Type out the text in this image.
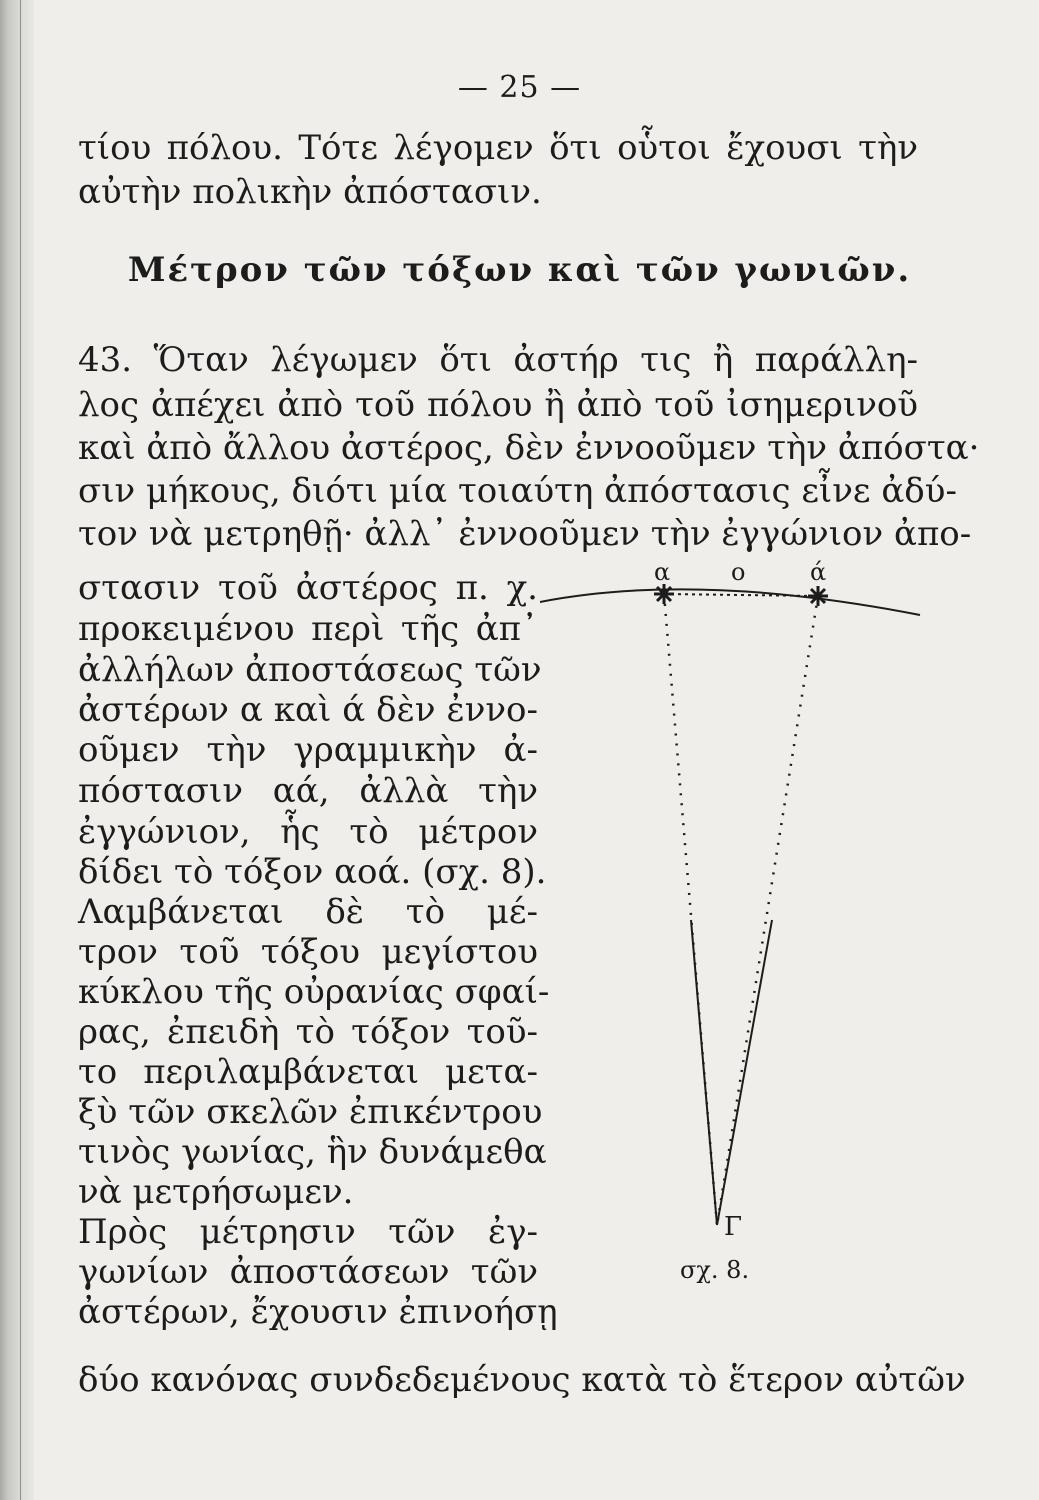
— 25 —

τίου πόλου. Τότε λέγομεν ὅτι οὗτοι ἔχουσι τὴν

αὐτὴν πολικὴν ἀπόστασιν.

Μέτρον τῶν τόξων καὶ τῶν γωνιῶν.

43. Ὅταν λέγωμεν ὅτι ἀστήρ τις ἢ παράλλη-

λος ἀπέχει ἀπὸ τοῦ πόλου ἢ ἀπὸ τοῦ ἰσημερινοῦ

καὶ ἀπὸ ἄλλου ἀστέρος, δὲν ἐννοοῦμεν τὴν ἀπόστα·

σιν μήκους, διότι μία τοιαύτη ἀπόστασις εἶνε ἀδύ-

τον νὰ μετρηθῇ· ἀλλ᾽ ἐννοοῦμεν τὴν ἐγγώνιον ἀπο-

στασιν τοῦ ἀστέρος π. χ.

προκειμένου περὶ τῆς ἀπ᾽

ἀλλήλων ἀποστάσεως τῶν

ἀστέρων α καὶ ά δὲν ἐννο-

οῦμεν τὴν γραμμικὴν ἀ-

πόστασιν αά, ἀλλὰ τὴν

ἐγγώνιον, ἧς τὸ μέτρον

δίδει τὸ τόξον αοά. (σχ. 8).

Λαμβάνεται δὲ τὸ μέ-

τρον τοῦ τόξου μεγίστου

κύκλου τῆς οὐρανίας σφαί-

ρας, ἐπειδὴ τὸ τόξον τοῦ-

το περιλαμβάνεται μετα-

ξὺ τῶν σκελῶν ἐπικέντρου

τινὸς γωνίας, ἣν δυνάμεθα

νὰ μετρήσωμεν.

Πρὸς μέτρησιν τῶν ἐγ-

γωνίων ἀποστάσεων τῶν

ἀστέρων, ἔχουσιν ἐπινοήσῃ

δύο κανόνας συνδεδεμένους κατὰ τὸ ἕτερον αὐτῶν

α	ο	ά
Γ
σχ. 8.
